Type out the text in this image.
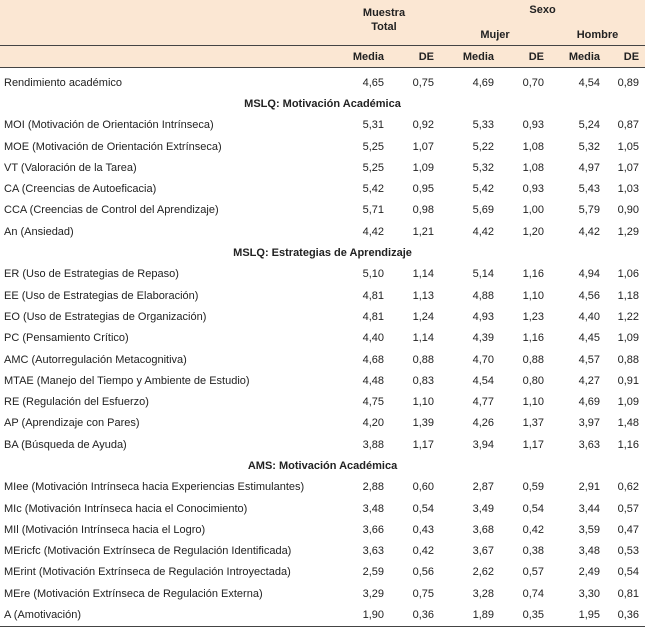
	Muestra Total		Sexo			
			Mujer		Hombre	
	Media	DE	Media	DE	Media	DE

Rendimiento académico	4,65	0,75	4,69	0,70	4,54	0,89
MSLQ: Motivación Académica						
MOI (Motivación de Orientación Intrínseca)	5,31	0,92	5,33	0,93	5,24	0,87
MOE (Motivación de Orientación Extrínseca)	5,25	1,07	5,22	1,08	5,32	1,05
VT (Valoración de la Tarea)	5,25	1,09	5,32	1,08	4,97	1,07
CA (Creencias de Autoeficacia)	5,42	0,95	5,42	0,93	5,43	1,03
CCA (Creencias de Control del Aprendizaje)	5,71	0,98	5,69	1,00	5,79	0,90
An (Ansiedad)	4,42	1,21	4,42	1,20	4,42	1,29
MSLQ: Estrategias de Aprendizaje						
ER (Uso de Estrategias de Repaso)	5,10	1,14	5,14	1,16	4,94	1,06
EE (Uso de Estrategias de Elaboración)	4,81	1,13	4,88	1,10	4,56	1,18
EO (Uso de Estrategias de Organización)	4,81	1,24	4,93	1,23	4,40	1,22
PC (Pensamiento Crítico)	4,40	1,14	4,39	1,16	4,45	1,09
AMC (Autorregulación Metacognitiva)	4,68	0,88	4,70	0,88	4,57	0,88
MTAE (Manejo del Tiempo y Ambiente de Estudio)	4,48	0,83	4,54	0,80	4,27	0,91
RE (Regulación del Esfuerzo)	4,75	1,10	4,77	1,10	4,69	1,09
AP (Aprendizaje con Pares)	4,20	1,39	4,26	1,37	3,97	1,48
BA (Búsqueda de Ayuda)	3,88	1,17	3,94	1,17	3,63	1,16
AMS: Motivación Académica						
MIee (Motivación Intrínseca hacia Experiencias Estimulantes)	2,88	0,60	2,87	0,59	2,91	0,62
MIc (Motivación Intrínseca hacia el Conocimiento)	3,48	0,54	3,49	0,54	3,44	0,57
MIl (Motivación Intrínseca hacia el Logro)	3,66	0,43	3,68	0,42	3,59	0,47
MEricfc (Motivación Extrínseca de Regulación Identificada)	3,63	0,42	3,67	0,38	3,48	0,53
MErint (Motivación Extrínseca de Regulación Introyectada)	2,59	0,56	2,62	0,57	2,49	0,54
MEre (Motivación Extrínseca de Regulación Externa)	3,29	0,75	3,28	0,74	3,30	0,81
A (Amotivación)	1,90	0,36	1,89	0,35	1,95	0,36
